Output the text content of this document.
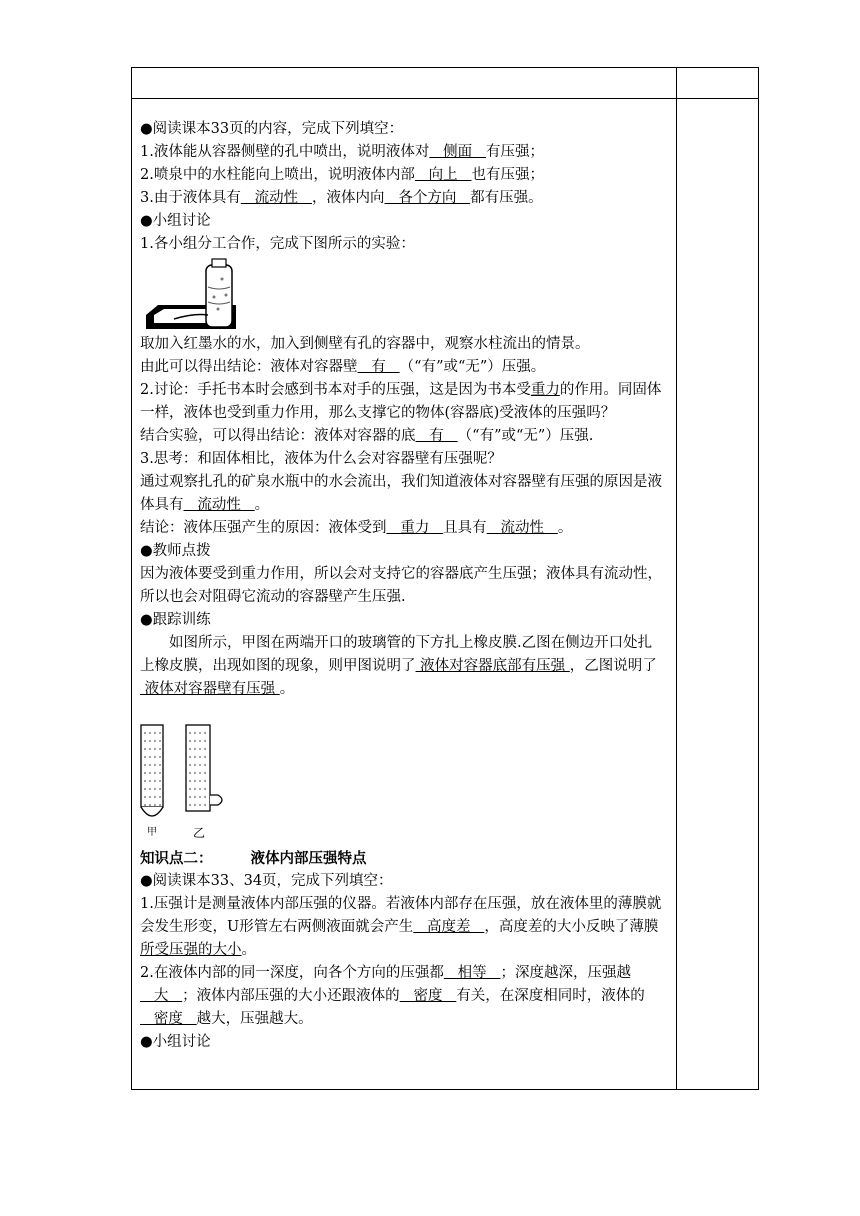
●阅读课本33页的内容，完成下列填空：

1.液体能从容器侧壁的孔中喷出，说明液体对   侧面   有压强；

2.喷泉中的水柱能向上喷出，说明液体内部   向上   也有压强；

3.由于液体具有   流动性   ，液体内向   各个方向   都有压强。

●小组讨论

1.各小组分工合作，完成下图所示的实验：

取加入红墨水的水，加入到侧壁有孔的容器中，观察水柱流出的情景。

由此可以得出结论：液体对容器壁   有   （“有”或“无”）压强。

2.讨论：手托书本时会感到书本对手的压强，这是因为书本受重力的作用。同固体一样，液体也受到重力作用，那么支撑它的物体(容器底)受液体的压强吗？

结合实验，可以得出结论：液体对容器的底   有   （“有”或“无”）压强.

3.思考：和固体相比，液体为什么会对容器壁有压强呢？

通过观察扎孔的矿泉水瓶中的水会流出，我们知道液体对容器壁有压强的原因是液体具有   流动性   。

结论：液体压强产生的原因：液体受到   重力   且具有   流动性   。

●教师点拨

因为液体要受到重力作用，所以会对支持它的容器底产生压强；液体具有流动性，所以也会对阻碍它流动的容器壁产生压强.

●跟踪训练

如图所示，甲图在两端开口的玻璃管的下方扎上橡皮膜.乙图在侧边开口处扎上橡皮膜，出现如图的现象，则甲图说明了 液体对容器底部有压强 ，乙图说明了 液体对容器壁有压强 。

甲	乙

知识点二：	液体内部压强特点

●阅读课本33、34页，完成下列填空：

1.压强计是测量液体内部压强的仪器。若液体内部存在压强，放在液体里的薄膜就会发生形变，U形管左右两侧液面就会产生   高度差   ，高度差的大小反映了薄膜所受压强的大小。

2.在液体内部的同一深度，向各个方向的压强都   相等   ；深度越深，压强越   大   ；液体内部压强的大小还跟液体的   密度   有关，在深度相同时，液体的   密度   越大，压强越大。

●小组讨论
